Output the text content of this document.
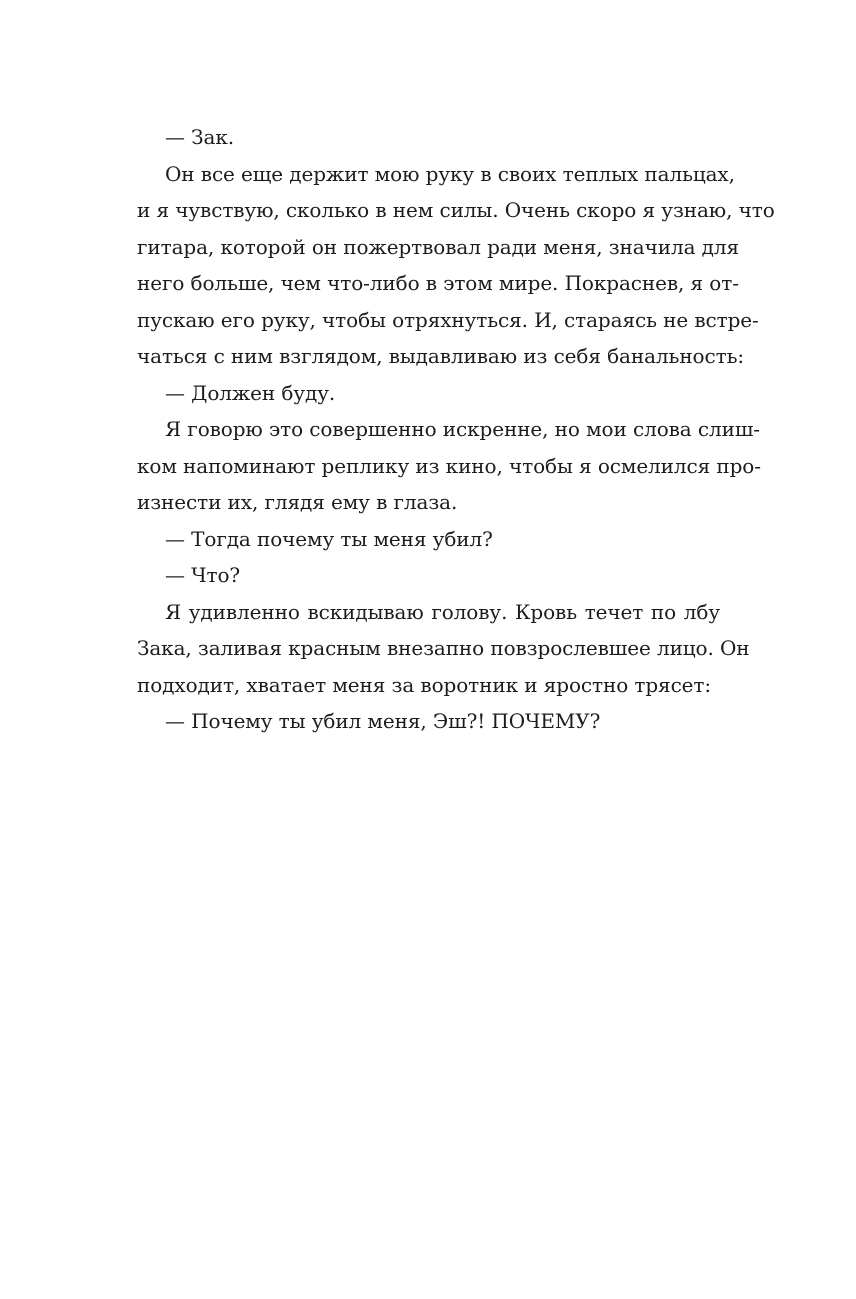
— Зак.
Он все еще держит мою руку в своих теплых пальцах,
и я чувствую, сколько в нем силы. Очень скоро я узнаю, что
гитара, которой он пожертвовал ради меня, значила для
него больше, чем что-либо в этом мире. Покраснев, я от-
пускаю его руку, чтобы отряхнуться. И, стараясь не встре-
чаться с ним взглядом, выдавливаю из себя банальность:
— Должен буду.
Я говорю это совершенно искренне, но мои слова слиш-
ком напоминают реплику из кино, чтобы я осмелился про-
изнести их, глядя ему в глаза.
— Тогда почему ты меня убил?
— Что?
Я удивленно вскидываю голову. Кровь течет по лбу
Зака, заливая красным внезапно повзрослевшее лицо. Он
подходит, хватает меня за воротник и яростно трясет:
— Почему ты убил меня, Эш?! ПОЧЕМУ?
